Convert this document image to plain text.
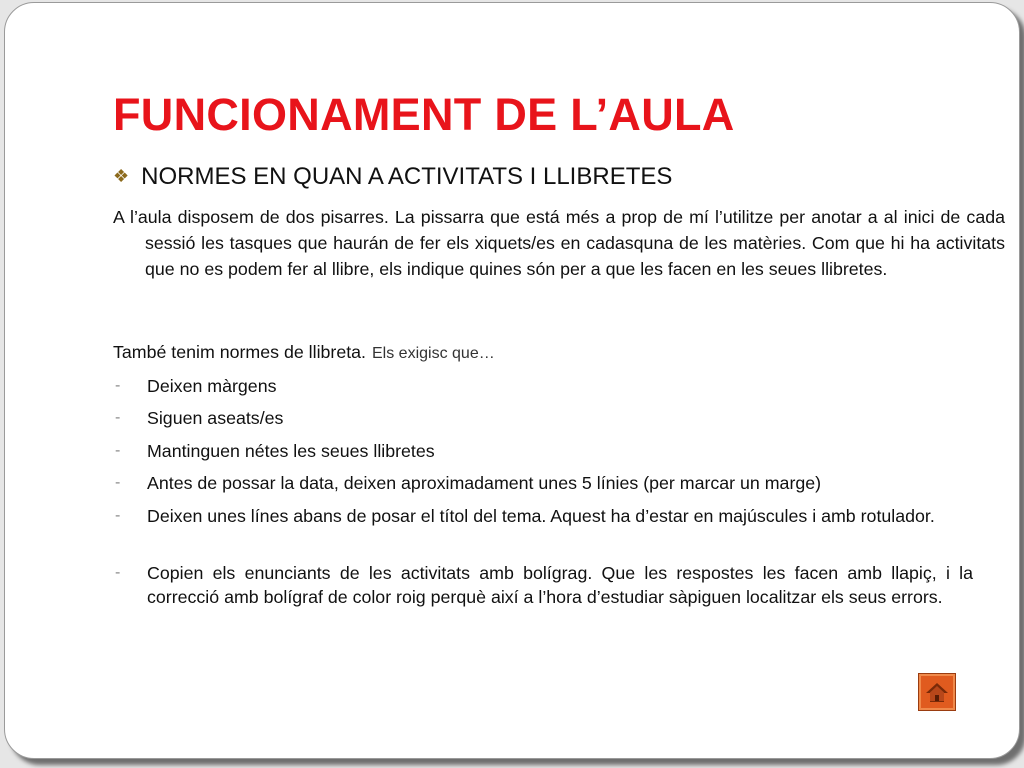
FUNCIONAMENT DE L’AULA
❖ NORMES EN QUAN A ACTIVITATS I LLIBRETES
A l’aula disposem de dos pisarres. La pissarra que está més a prop de mí l’utilitze per anotar a al inici de cada sessió les tasques que haurán de fer els xiquets/es en cadasquna de les matèries. Com que hi ha activitats que no es podem fer al llibre, els indique quines són per a que les facen en les seues llibretes.
També tenim normes de llibreta. Els exigisc que…
- Deixen màrgens
- Siguen aseats/es
- Mantinguen nétes les seues llibretes
- Antes de possar la data, deixen aproximadament unes 5 línies (per marcar un marge)
- Deixen unes línes abans de posar el títol del tema. Aquest ha d’estar en majúscules i amb rotulador.
- Copien els enunciants de les activitats amb bolígrag. Que les respostes les facen amb llapiç, i la correcció amb bolígraf de color roig perquè així a l’hora d’estudiar sàpiguen localitzar els seus errors.
